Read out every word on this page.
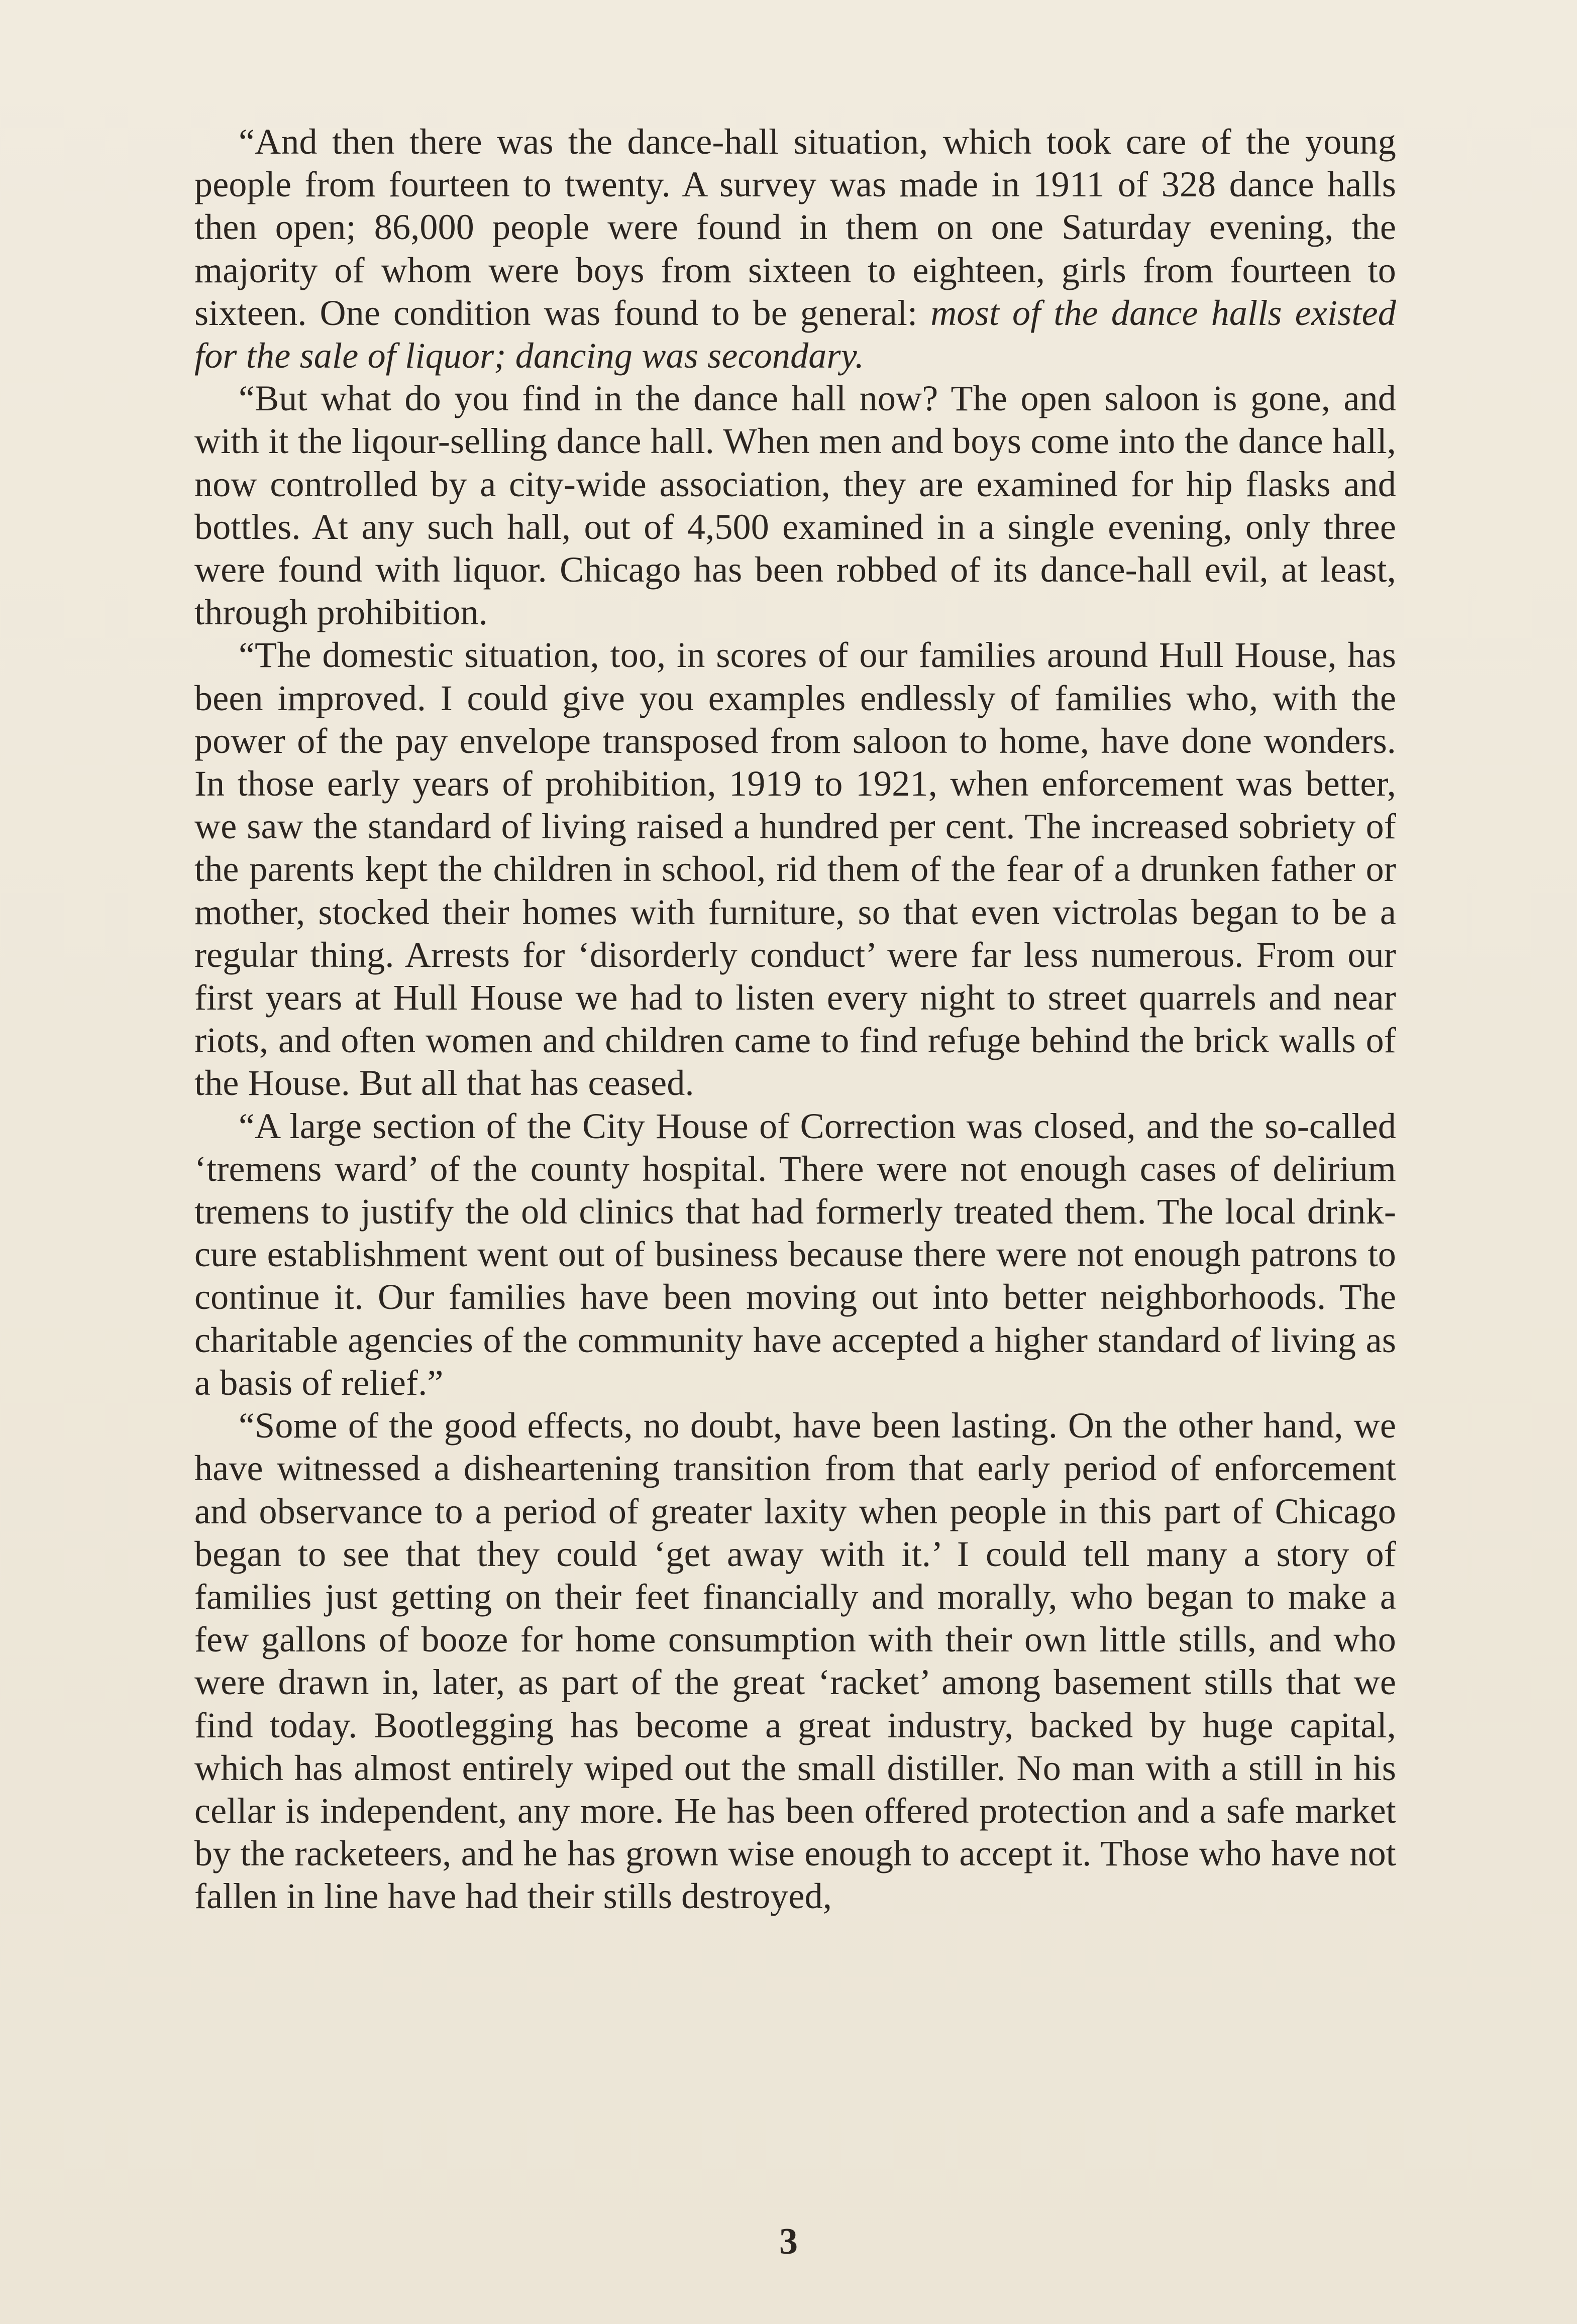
“And then there was the dance-hall situation, which took care of the young people from fourteen to twenty. A survey was made in 1911 of 328 dance halls then open; 86,000 people were found in them on one Saturday evening, the majority of whom were boys from sixteen to eighteen, girls from fourteen to sixteen. One condition was found to be general: most of the dance halls existed for the sale of liquor; dancing was secondary.

“But what do you find in the dance hall now? The open saloon is gone, and with it the liqour-selling dance hall. When men and boys come into the dance hall, now controlled by a city-wide association, they are examined for hip flasks and bottles. At any such hall, out of 4,500 examined in a single evening, only three were found with liquor. Chicago has been robbed of its dance-hall evil, at least, through prohibition.

“The domestic situation, too, in scores of our families around Hull House, has been improved. I could give you examples endlessly of families who, with the power of the pay envelope transposed from saloon to home, have done wonders. In those early years of prohibition, 1919 to 1921, when enforcement was better, we saw the standard of living raised a hundred per cent. The increased sobriety of the parents kept the children in school, rid them of the fear of a drunken father or mother, stocked their homes with furniture, so that even victrolas began to be a regular thing. Arrests for ‘disorderly conduct’ were far less numerous. From our first years at Hull House we had to listen every night to street quarrels and near riots, and often women and children came to find refuge behind the brick walls of the House. But all that has ceased.

“A large section of the City House of Correction was closed, and the so-called ‘tremens ward’ of the county hospital. There were not enough cases of delirium tremens to justify the old clinics that had formerly treated them. The local drink-cure establishment went out of business because there were not enough patrons to continue it. Our families have been moving out into better neighborhoods. The charitable agencies of the community have accepted a higher standard of living as a basis of relief.”

“Some of the good effects, no doubt, have been lasting. On the other hand, we have witnessed a disheartening transition from that early period of enforcement and observance to a period of greater laxity when people in this part of Chicago began to see that they could ‘get away with it.’ I could tell many a story of families just getting on their feet financially and morally, who began to make a few gallons of booze for home consumption with their own little stills, and who were drawn in, later, as part of the great ‘racket’ among basement stills that we find today. Bootlegging has become a great industry, backed by huge capital, which has almost entirely wiped out the small distiller. No man with a still in his cellar is independent, any more. He has been offered protection and a safe market by the racketeers, and he has grown wise enough to accept it. Those who have not fallen in line have had their stills destroyed,

3
